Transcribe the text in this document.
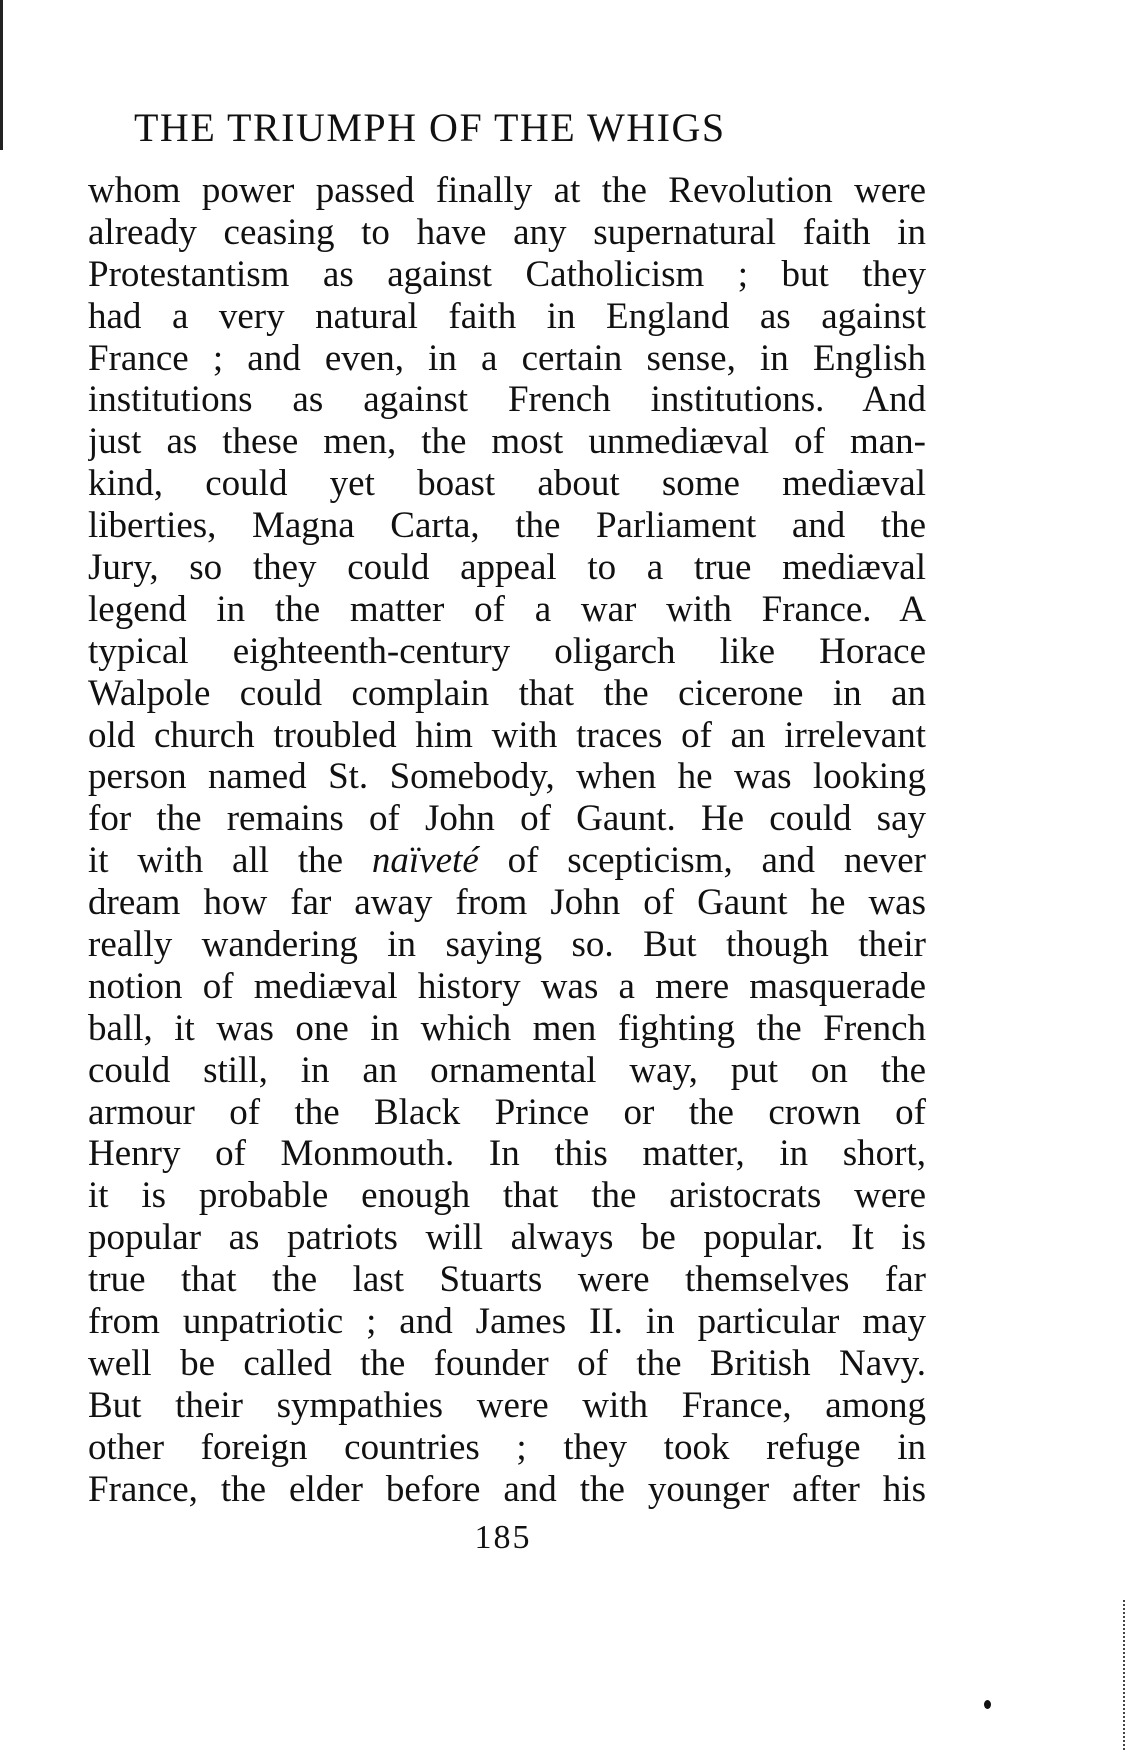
THE TRIUMPH OF THE WHIGS
whom power passed finally at the Revolution were
already ceasing to have any supernatural faith in
Protestantism as against Catholicism ; but they
had a very natural faith in England as against
France ; and even, in a certain sense, in English
institutions as against French institutions. And
just as these men, the most unmediæval of man-
kind, could yet boast about some mediæval
liberties, Magna Carta, the Parliament and the
Jury, so they could appeal to a true mediæval
legend in the matter of a war with France. A
typical eighteenth-century oligarch like Horace
Walpole could complain that the cicerone in an
old church troubled him with traces of an irrelevant
person named St. Somebody, when he was looking
for the remains of John of Gaunt. He could say
it with all the naïveté of scepticism, and never
dream how far away from John of Gaunt he was
really wandering in saying so. But though their
notion of mediæval history was a mere masquerade
ball, it was one in which men fighting the French
could still, in an ornamental way, put on the
armour of the Black Prince or the crown of
Henry of Monmouth. In this matter, in short,
it is probable enough that the aristocrats were
popular as patriots will always be popular. It is
true that the last Stuarts were themselves far
from unpatriotic ; and James II. in particular may
well be called the founder of the British Navy.
But their sympathies were with France, among
other foreign countries ; they took refuge in
France, the elder before and the younger after his
185
